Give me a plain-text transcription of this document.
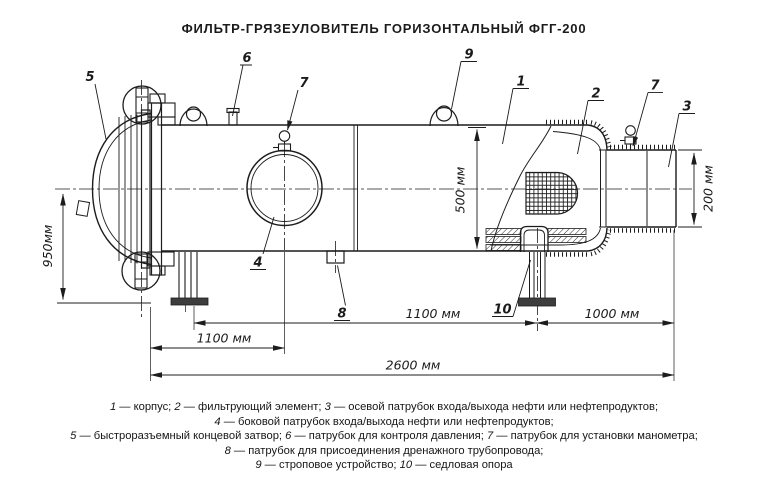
ФИЛЬТР-ГРЯЗЕУЛОВИТЕЛЬ ГОРИЗОНТАЛЬНЫЙ ФГГ-200
950мм
500 мм	200 мм
1100 мм	1000 мм
1100 мм
2600 мм
5
6
7
9
1
2
7
3
4
8	10
1 — корпус; 2 — фильтрующий элемент; 3 — осевой патрубок входа/выхода нефти или нефтепродуктов;
4 — боковой патрубок входа/выхода нефти или нефтепродуктов;
5 — быстроразъемный концевой затвор; 6 — патрубок для контроля давления; 7 — патрубок для установки манометра;
8 — патрубок для присоединения дренажного трубопровода;
9 — строповое устройство; 10 — седловая опора
